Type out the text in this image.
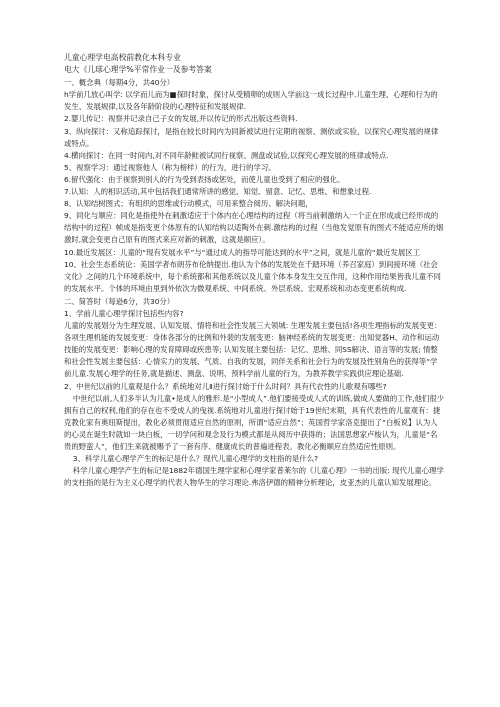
儿童心理学电高校前教化本科专业

电大《儿球心理学%平常作业一及参考答案

一、概念典（每期4分，共40分）

h学前几放心叫学: 以学而儿而为■探时时象，探讨从受精卵的成则入学前这一成长过程中.儿童生理、心理和行为的发生、发展规律,以及各年龄阶段的心理特征和发展规律.

2.婴儿传记：视察并记录自己子女的发展,并以传记的形式出版这些资料.

3、纵向探讨：又称追踪探讨，是指在较长时间内为同新被试进行定期的视察、测依或实验，以探究心理发展的规律或特点。

4.横向探讨：在同一时间内,对不同年龄鲑被试同行视察、测盘或试验,以探究心理发展的班律或特点.

5、视察学习：通过视察他人（称为榜样）的行为，进行的学习。

6.留代强化：由于视察到别人的行为受到表扬或惩处，而使儿童也受到了相应的强化。

7.认知：人的相识活动,其中包括我们通常所讲的感觉、知觉、留意、记忆、思维、和想象过程.

8、认知结树图式；有组织的思维或行动模式，可用来整合阅历、解决问题，

9、同化与顺应：同化是指使外在刺激适应于个体内在心理结构的过程（将当前刺激纳入一个正在形成或已经形成的结构中的过程）帧成是指变更个体原有的认知结构以适陶外在刺.激结构的过程（当他发觉原有的图式不能适应所的烟激时,就会变更自己原有的图式来应对新的刺激，这就是顺应）。

10.最近发展区：儿童的“现有发展水平”与“通过成人的指导可能达到的水平”之间，就是儿童的“最近发展区工

10、社会生态系统论：美国学者布朗芬布伦纳提出.他认为个体的发展处在千踏环境（养召家庭）到间接环境（社会文化》之间的几个环境系统中，每个系统都和其他系统以及儿童个体本身发生交互作用，这种作用结果皆我儿童不同的发展水平。个体的环境由里到外依次为微观系统、中间系统、外层系统、宏观系统和动态变更系统构成.

二、简答时（每逊6分，共30分）

1、学前儿童心理学探讨包括些内容?

儿童的发展划分为生理发展、认知发展、情将和社会性发展三大领城: 生理发展主要包括!各项生理指标的发展变更：各项生理机能的发展变更：身体各部分的比例和外裴的发展变更：脑神经系统的发展变更：出知觉器H、动作和运动技能的发展变更：影响心理的发育障碍或疾患等; 认知发展主要包括：记忆、思维、同SS解决、语言等的发展; 情整和社会性发展主要包括：心情实力的发展、气质、自我的发展，同伴关系和社会行为的发展及性别角色的获得等“学前儿童.发展心理学的任务,就是描述、测盘、说明、预料学前儿童的行为，为教养教学实践供应理论基础.

2、中世纪以前的儿童观是什么？系统地对儿Ⅱ进行探讨始于什么时间？具有代衣性的儿歌观有哪些?

中世纪以前,人们多半认为儿童•是成人的雅形.是“小型成人”.他们要接受成人式的训练,做成人要做的工作,他们很少拥有自己的权利,他们的存在也不受成人的曳视.系统地对儿童进行探讨始于19世纪末期，具有代表性的儿童观有：捷克教化家有奥纽斯提出，教化必须贯彻适应自然的原则，所谓“适应自然”；英国哲学家洛克提出了“白板说】认为人的心灵在诞生时就如一块白板，一切学问和观念及行为模式都是从阅历中获得的；法国思想家卢梭认为，儿童是“名贵的野蛮人”，他们生来就被赐予了一套有序、健康成长的普遍进程表。教化必衡顺应自然适应性原则。

3、科学儿童心理学产生的标记是什么？现代儿童心理学的支柱指的是什么?

科学儿童心理学产生的标记是1882年德国生理学家和心理学家普莱尔的《儿童心理》一书的出版: 现代儿童心理学的支柱指的是行为主义心理学的代表人物华生的学习理论.弗洛伊德的精神分析理论，皮亚杰的儿童认知发展理论。
